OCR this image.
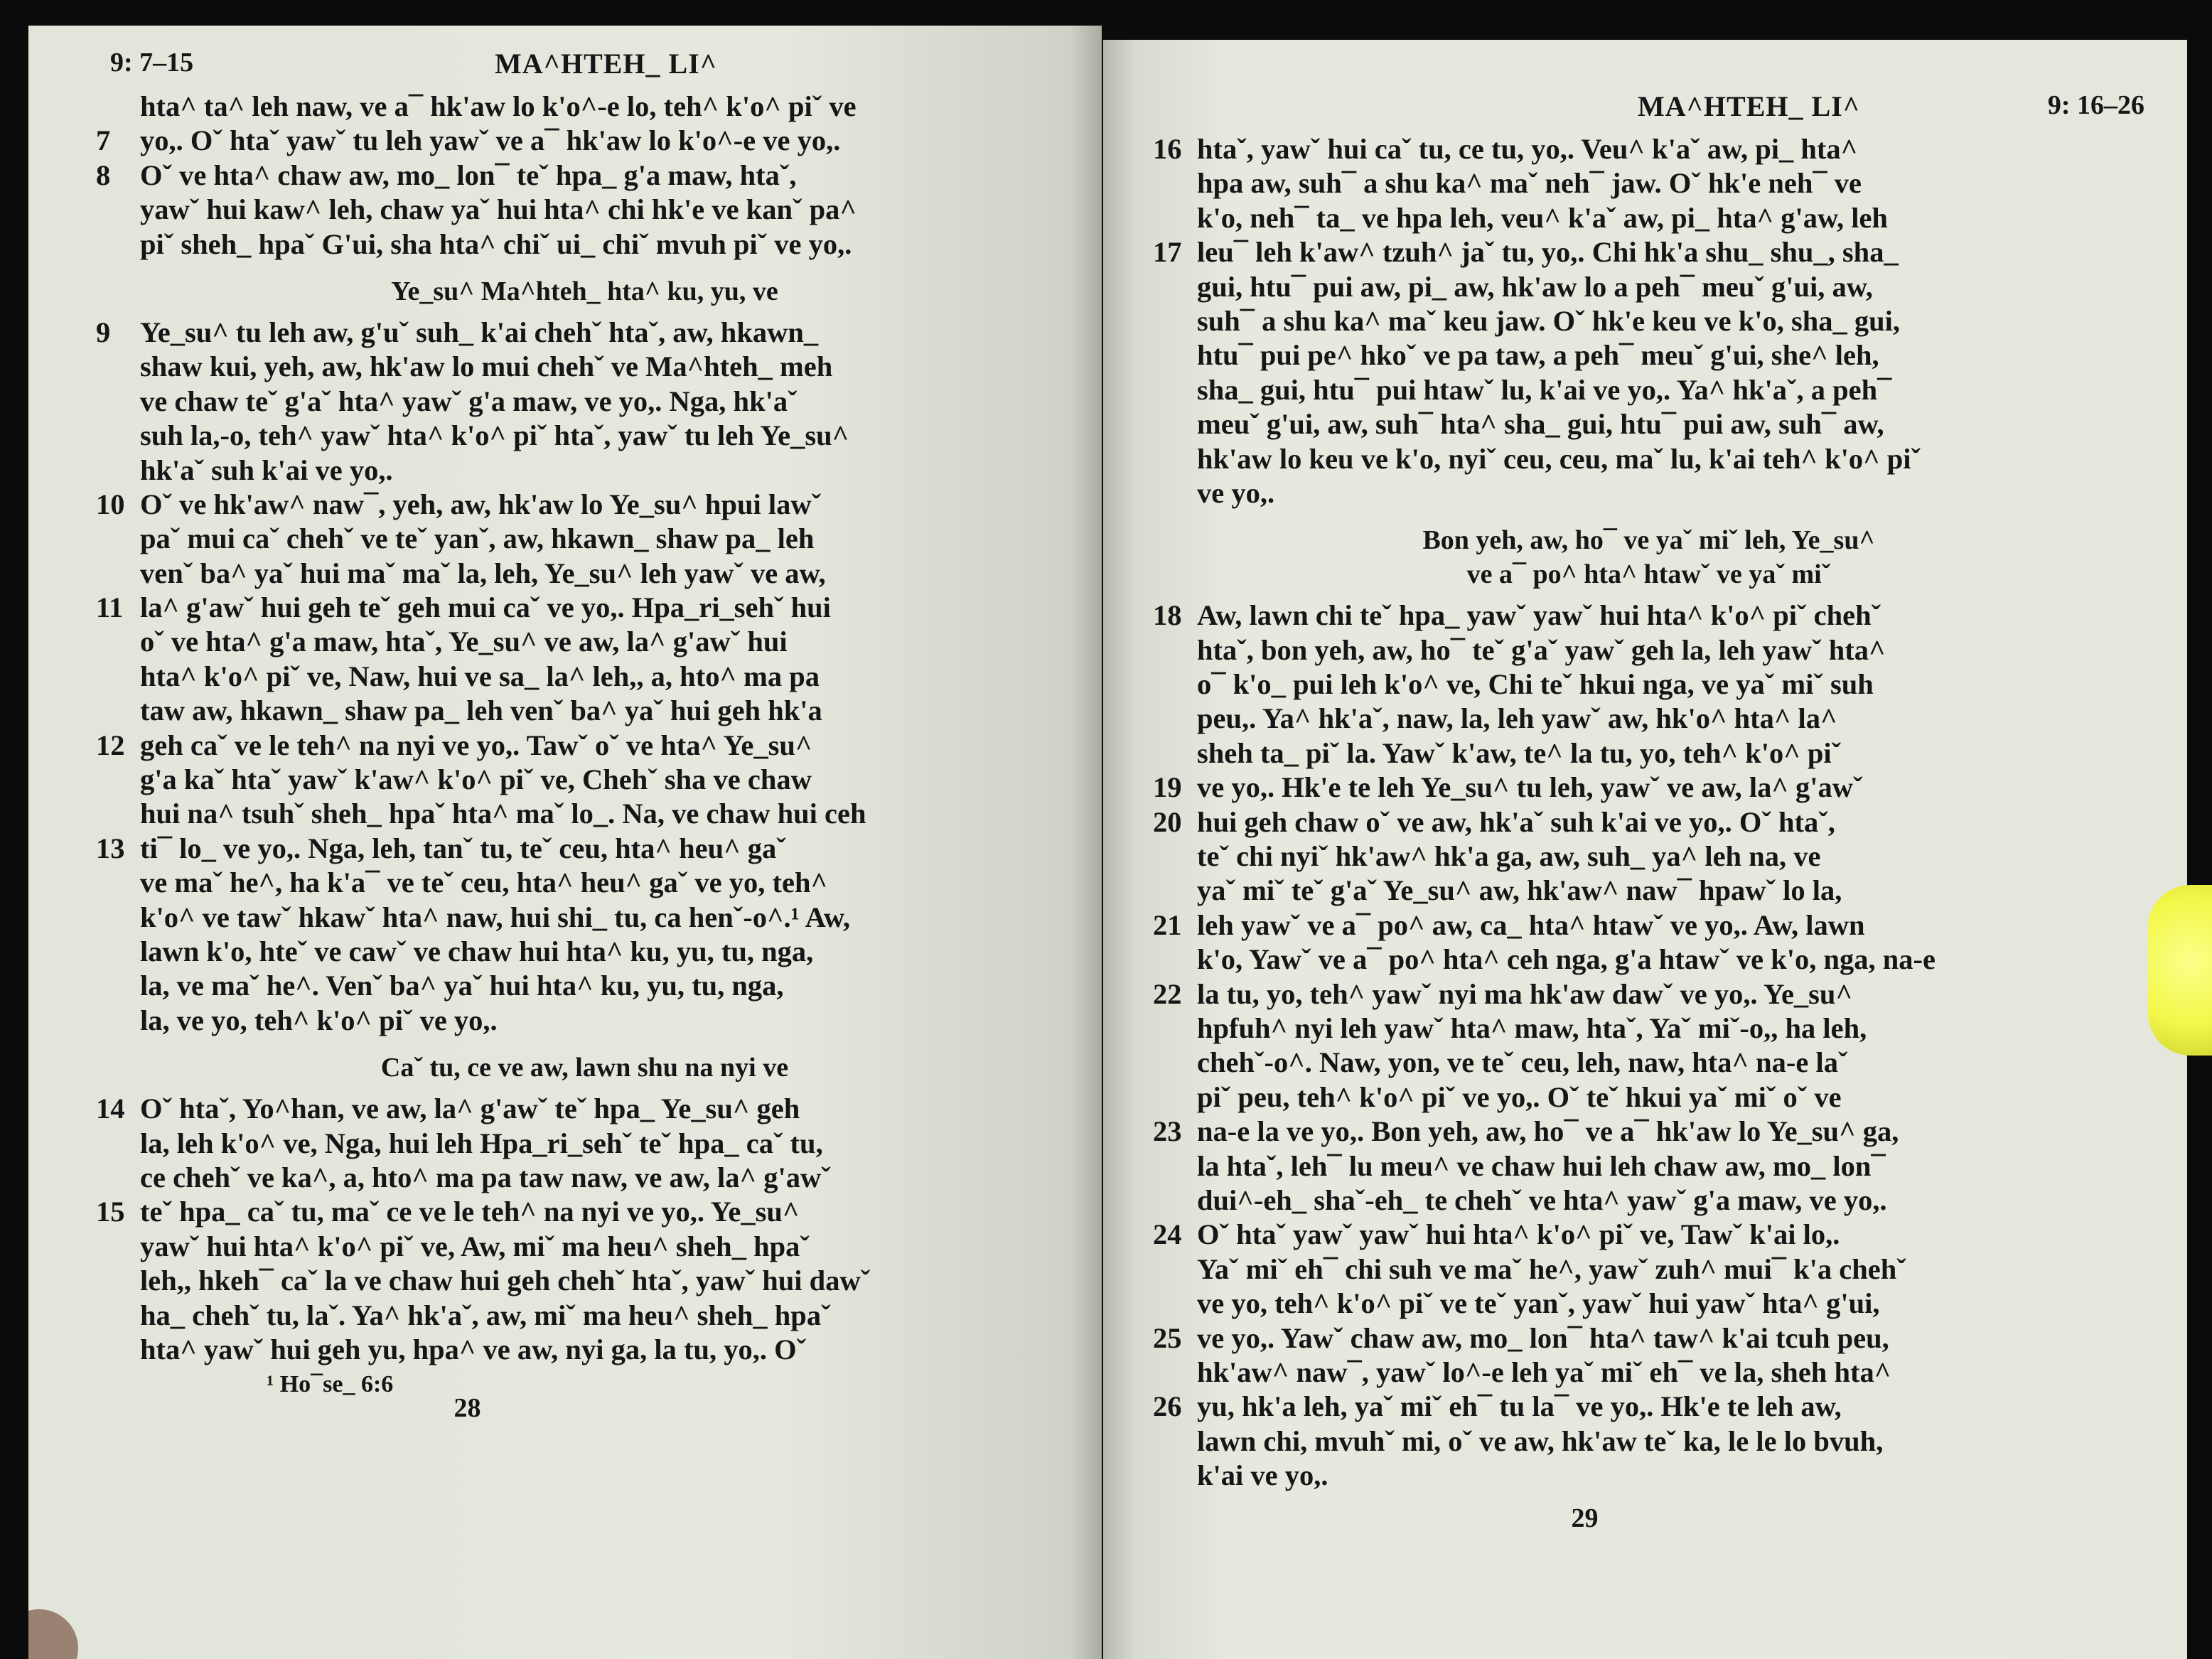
9: 7–15	MA^HTEH_ LI^
hta^ ta^ leh naw, ve a¯ hk'aw lo k'o^-e lo, teh^ k'o^ piˇ ve
7	yo,. Oˇ htaˇ yawˇ tu leh yawˇ ve a¯ hk'aw lo k'o^-e ve yo,.
8	Oˇ ve hta^ chaw aw, mo_ lon¯ teˇ hpa_ g'a maw, htaˇ,
yawˇ hui kaw^ leh, chaw yaˇ hui hta^ chi hk'e ve kanˇ pa^
piˇ sheh_ hpaˇ G'ui, sha hta^ chiˇ ui_ chiˇ mvuh piˇ ve yo,.
Ye_su^ Ma^hteh_ hta^ ku, yu, ve
9	Ye_su^ tu leh aw, g'uˇ suh_ k'ai chehˇ htaˇ, aw, hkawn_
shaw kui, yeh, aw, hk'aw lo mui chehˇ ve Ma^hteh_ meh
ve chaw teˇ g'aˇ hta^ yawˇ g'a maw, ve yo,. Nga, hk'aˇ
suh la,-o, teh^ yawˇ hta^ k'o^ piˇ htaˇ, yawˇ tu leh Ye_su^
hk'aˇ suh k'ai ve yo,.
10 Oˇ ve hk'aw^ naw¯, yeh, aw, hk'aw lo Ye_su^ hpui lawˇ
paˇ mui caˇ chehˇ ve teˇ yanˇ, aw, hkawn_ shaw pa_ leh
venˇ ba^ yaˇ hui maˇ maˇ la, leh, Ye_su^ leh yawˇ ve aw,
11 la^ g'awˇ hui geh teˇ geh mui caˇ ve yo,. Hpa_ri_sehˇ hui
oˇ ve hta^ g'a maw, htaˇ, Ye_su^ ve aw, la^ g'awˇ hui
hta^ k'o^ piˇ ve, Naw, hui ve sa_ la^ leh,, a, hto^ ma pa
taw aw, hkawn_ shaw pa_ leh venˇ ba^ yaˇ hui geh hk'a
12 geh caˇ ve le teh^ na nyi ve yo,. Tawˇ oˇ ve hta^ Ye_su^
g'a kaˇ htaˇ yawˇ k'aw^ k'o^ piˇ ve, Chehˇ sha ve chaw
hui na^ tsuhˇ sheh_ hpaˇ hta^ maˇ lo_. Na, ve chaw hui ceh
13 ti¯ lo_ ve yo,. Nga, leh, tanˇ tu, teˇ ceu, hta^ heu^ gaˇ
ve maˇ he^, ha k'a¯ ve teˇ ceu, hta^ heu^ gaˇ ve yo, teh^
k'o^ ve tawˇ hkawˇ hta^ naw, hui shi_ tu, ca henˇ-o^.¹ Aw,
lawn k'o, hteˇ ve cawˇ ve chaw hui hta^ ku, yu, tu, nga,
la, ve maˇ he^. Venˇ ba^ yaˇ hui hta^ ku, yu, tu, nga,
la, ve yo, teh^ k'o^ piˇ ve yo,.
Caˇ tu, ce ve aw, lawn shu na nyi ve
14 Oˇ htaˇ, Yo^han, ve aw, la^ g'awˇ teˇ hpa_ Ye_su^ geh
la, leh k'o^ ve, Nga, hui leh Hpa_ri_sehˇ teˇ hpa_ caˇ tu,
ce chehˇ ve ka^, a, hto^ ma pa taw naw, ve aw, la^ g'awˇ
15 teˇ hpa_ caˇ tu, maˇ ce ve le teh^ na nyi ve yo,. Ye_su^
yawˇ hui hta^ k'o^ piˇ ve, Aw, miˇ ma heu^ sheh_ hpaˇ
leh,, hkeh¯ caˇ la ve chaw hui geh chehˇ htaˇ, yawˇ hui dawˇ
ha_ chehˇ tu, laˇ. Ya^ hk'aˇ, aw, miˇ ma heu^ sheh_ hpaˇ
hta^ yawˇ hui geh yu, hpa^ ve aw, nyi ga, la tu, yo,. Oˇ
¹ Ho¯se_ 6:6
28
MA^HTEH_ LI^	9: 16–26
16 htaˇ, yawˇ hui caˇ tu, ce tu, yo,. Veu^ k'aˇ aw, pi_ hta^
hpa aw, suh¯ a shu ka^ maˇ neh¯ jaw. Oˇ hk'e neh¯ ve
k'o, neh¯ ta_ ve hpa leh, veu^ k'aˇ aw, pi_ hta^ g'aw, leh
17 leu¯ leh k'aw^ tzuh^ jaˇ tu, yo,. Chi hk'a shu_ shu_, sha_
gui, htu¯ pui aw, pi_ aw, hk'aw lo a peh¯ meuˇ g'ui, aw,
suh¯ a shu ka^ maˇ keu jaw. Oˇ hk'e keu ve k'o, sha_ gui,
htu¯ pui pe^ hkoˇ ve pa taw, a peh¯ meuˇ g'ui, she^ leh,
sha_ gui, htu¯ pui htawˇ lu, k'ai ve yo,. Ya^ hk'aˇ, a peh¯
meuˇ g'ui, aw, suh¯ hta^ sha_ gui, htu¯ pui aw, suh¯ aw,
hk'aw lo keu ve k'o, nyiˇ ceu, ceu, maˇ lu, k'ai teh^ k'o^ piˇ
ve yo,.
Bon yeh, aw, ho¯ ve yaˇ miˇ leh, Ye_su^
ve a¯ po^ hta^ htawˇ ve yaˇ miˇ
18 Aw, lawn chi teˇ hpa_ yawˇ yawˇ hui hta^ k'o^ piˇ chehˇ
htaˇ, bon yeh, aw, ho¯ teˇ g'aˇ yawˇ geh la, leh yawˇ hta^
o¯ k'o_ pui leh k'o^ ve, Chi teˇ hkui nga, ve yaˇ miˇ suh
peu,. Ya^ hk'aˇ, naw, la, leh yawˇ aw, hk'o^ hta^ la^
sheh ta_ piˇ la. Yawˇ k'aw, te^ la tu, yo, teh^ k'o^ piˇ
19 ve yo,. Hk'e te leh Ye_su^ tu leh, yawˇ ve aw, la^ g'awˇ
20 hui geh chaw oˇ ve aw, hk'aˇ suh k'ai ve yo,. Oˇ htaˇ,
teˇ chi nyiˇ hk'aw^ hk'a ga, aw, suh_ ya^ leh na, ve
yaˇ miˇ teˇ g'aˇ Ye_su^ aw, hk'aw^ naw¯ hpawˇ lo la,
21 leh yawˇ ve a¯ po^ aw, ca_ hta^ htawˇ ve yo,. Aw, lawn
k'o, Yawˇ ve a¯ po^ hta^ ceh nga, g'a htawˇ ve k'o, nga, na-e
22 la tu, yo, teh^ yawˇ nyi ma hk'aw dawˇ ve yo,. Ye_su^
hpfuh^ nyi leh yawˇ hta^ maw, htaˇ, Yaˇ miˇ-o,, ha leh,
chehˇ-o^. Naw, yon, ve teˇ ceu, leh, naw, hta^ na-e laˇ
piˇ peu, teh^ k'o^ piˇ ve yo,. Oˇ teˇ hkui yaˇ miˇ oˇ ve
23 na-e la ve yo,. Bon yeh, aw, ho¯ ve a¯ hk'aw lo Ye_su^ ga,
la htaˇ, leh¯ lu meu^ ve chaw hui leh chaw aw, mo_ lon¯
dui^-eh_ shaˇ-eh_ te chehˇ ve hta^ yawˇ g'a maw, ve yo,.
24 Oˇ htaˇ yawˇ yawˇ hui hta^ k'o^ piˇ ve, Tawˇ k'ai lo,.
Yaˇ miˇ eh¯ chi suh ve maˇ he^, yawˇ zuh^ mui¯ k'a chehˇ
ve yo, teh^ k'o^ piˇ ve teˇ yanˇ, yawˇ hui yawˇ hta^ g'ui,
25 ve yo,. Yawˇ chaw aw, mo_ lon¯ hta^ taw^ k'ai tcuh peu,
hk'aw^ naw¯, yawˇ lo^-e leh yaˇ miˇ eh¯ ve la, sheh hta^
26 yu, hk'a leh, yaˇ miˇ eh¯ tu la¯ ve yo,. Hk'e te leh aw,
lawn chi, mvuhˇ mi, oˇ ve aw, hk'aw teˇ ka, le le lo bvuh,
k'ai ve yo,.
29
